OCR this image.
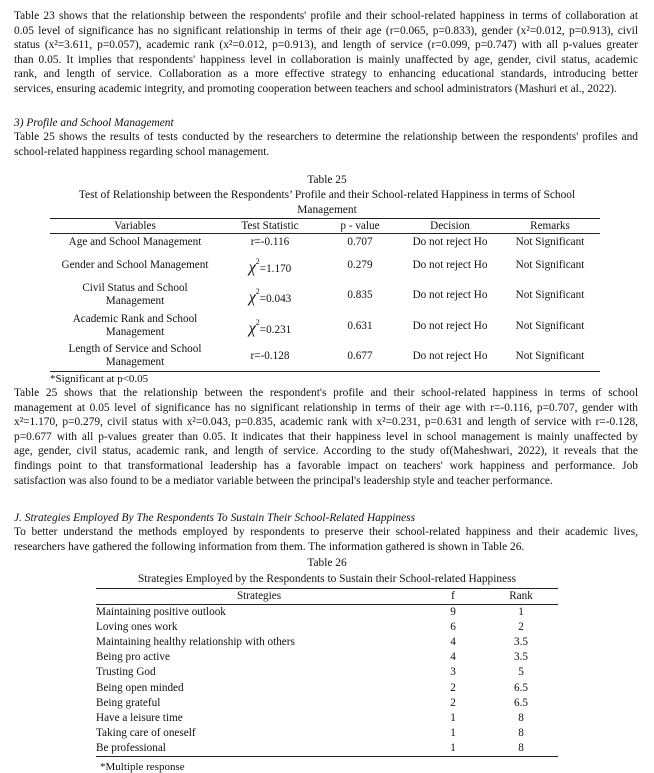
Table 23 shows that the relationship between the respondents' profile and their school-related happiness in terms of collaboration at
0.05 level of significance has no significant relationship in terms of their age (r=0.065, p=0.833), gender (x²=0.012, p=0.913), civil
status (x²=3.611, p=0.057), academic rank (x²=0.012, p=0.913), and length of service (r=0.099, p=0.747) with all p-values greater
than 0.05. It implies that respondents' happiness level in collaboration is mainly unaffected by age, gender, civil status, academic
rank, and length of service. Collaboration as a more effective strategy to enhancing educational standards, introducing better
services, ensuring academic integrity, and promoting cooperation between teachers and school administrators (Mashuri et al., 2022).
3) Profile and School Management
Table 25 shows the results of tests conducted by the researchers to determine the relationship between the respondents' profiles and
school-related happiness regarding school management.
Table 25
Test of Relationship between the Respondents’ Profile and their School-related Happiness in terms of School
Management
Variables	Test Statistic	p - value	Decision	Remarks
Age and School Management	r=-0.116	0.707	Do not reject Ho	Not Significant
Gender and School Management	$\chi^2=1.170$	0.279	Do not reject Ho	Not Significant
Civil Status and School
Management	$\chi^2=0.043$	0.835	Do not reject Ho	Not Significant
Academic Rank and School
Management	$\chi^2=0.231$	0.631	Do not reject Ho	Not Significant
Length of Service and School
Management	r=-0.128	0.677	Do not reject Ho	Not Significant
*Significant at p<0.05
Table 25 shows that the relationship between the respondent's profile and their school-related happiness in terms of school
management at 0.05 level of significance has no significant relationship in terms of their age with r=-0.116, p=0.707, gender with
x²=1.170, p=0.279, civil status with x²=0.043, p=0.835, academic rank with x²=0.231, p=0.631 and length of service with r=-0.128,
p=0.677 with all p-values greater than 0.05. It indicates that their happiness level in school management is mainly unaffected by
age, gender, civil status, academic rank, and length of service. According to the study of(Maheshwari, 2022), it reveals that the
findings point to that transformational leadership has a favorable impact on teachers' work happiness and performance. Job
satisfaction was also found to be a mediator variable between the principal's leadership style and teacher performance.
J. Strategies Employed By The Respondents To Sustain Their School-Related Happiness
To better understand the methods employed by respondents to preserve their school-related happiness and their academic lives,
researchers have gathered the following information from them. The information gathered is shown in Table 26.
Table 26
Strategies Employed by the Respondents to Sustain their School-related Happiness
Strategies	f	Rank
Maintaining positive outlook	9	1
Loving ones work	6	2
Maintaining healthy relationship with others	4	3.5
Being pro active	4	3.5
Trusting God	3	5
Being open minded	2	6.5
Being grateful	2	6.5
Have a leisure time	1	8
Taking care of oneself	1	8
Be professional	1	8
*Multiple response
